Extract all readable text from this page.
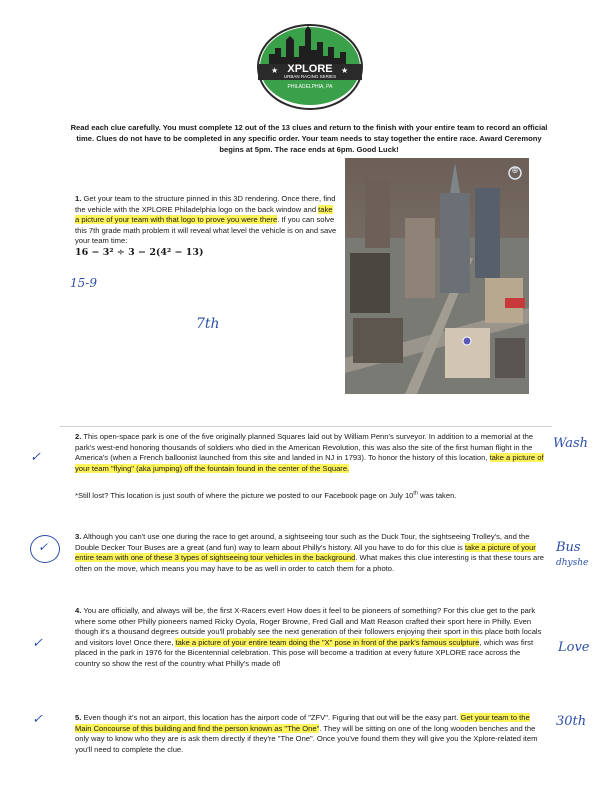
XPLORE
URBAN RACING SERIES
PHILADELPHIA, PA
★	★
Read each clue carefully. You must complete 12 out of the 13 clues and return to the finish with your entire team to record an official time. Clues do not have to be completed in any specific order. Your team needs to stay together the entire race. Award Ceremony begins at 5pm. The race ends at 6pm. Good Luck!
1. Get your team to the structure pinned in this 3D rendering. Once there, find the vehicle with the XPLORE Philadelphia logo on the back window and take a picture of your team with that logo to prove you were there. If you can solve this 7th grade math problem it will reveal what level the vehicle is on and save your team time:
16 − 3² ÷ 3 − 2(4² − 13)
15-9
7th
⊕
2. This open-space park is one of the five originally planned Squares laid out by William Penn's surveyor. In addition to a memorial at the park's west-end honoring thousands of soldiers who died in the American Revolution, this was also the site of the first human flight in the America's (when a French balloonist launched from this site and landed in NJ in 1793). To honor the history of this location, take a picture of your team "flying" (aka jumping) off the fountain found in the center of the Square.
*Still lost? This location is just south of where the picture we posted to our Facebook page on July 10th was taken.
✓
Wash
3. Although you can't use one during the race to get around, a sightseeing tour such as the Duck Tour, the sightseeing Trolley's, and the Double Decker Tour Buses are a great (and fun) way to learn about Philly's history. All you have to do for this clue is take a picture of your entire team with one of these 3 types of sightseeing tour vehicles in the background. What makes this clue interesting is that these tours are often on the move, which means you may have to be as well in order to catch them for a photo.
✓	Bus
dhyshe
4. You are officially, and always will be, the first X-Racers ever! How does it feel to be pioneers of something? For this clue get to the park where some other Philly pioneers named Ricky Oyola, Roger Browne, Fred Gall and Matt Reason crafted their sport here in Philly. Even though it's a thousand degrees outside you'll probably see the next generation of their followers enjoying their sport in this place both locals and visitors love! Once there, take a picture of your entire team doing the "X" pose in front of the park's famous sculpture, which was first placed in the park in 1976 for the Bicentennial celebration. This pose will become a tradition at every future XPLORE race across the country so show the rest of the country what Philly's made of!
✓	Love
5. Even though it's not an airport, this location has the airport code of "ZFV". Figuring that out will be the easy part. Get your team to the Main Concourse of this building and find the person known as "The One". They will be sitting on one of the long wooden benches and the only way to know who they are is ask them directly if they're "The One". Once you've found them they will give you the Xplore-related item you'll need to complete the clue.
✓	30th
